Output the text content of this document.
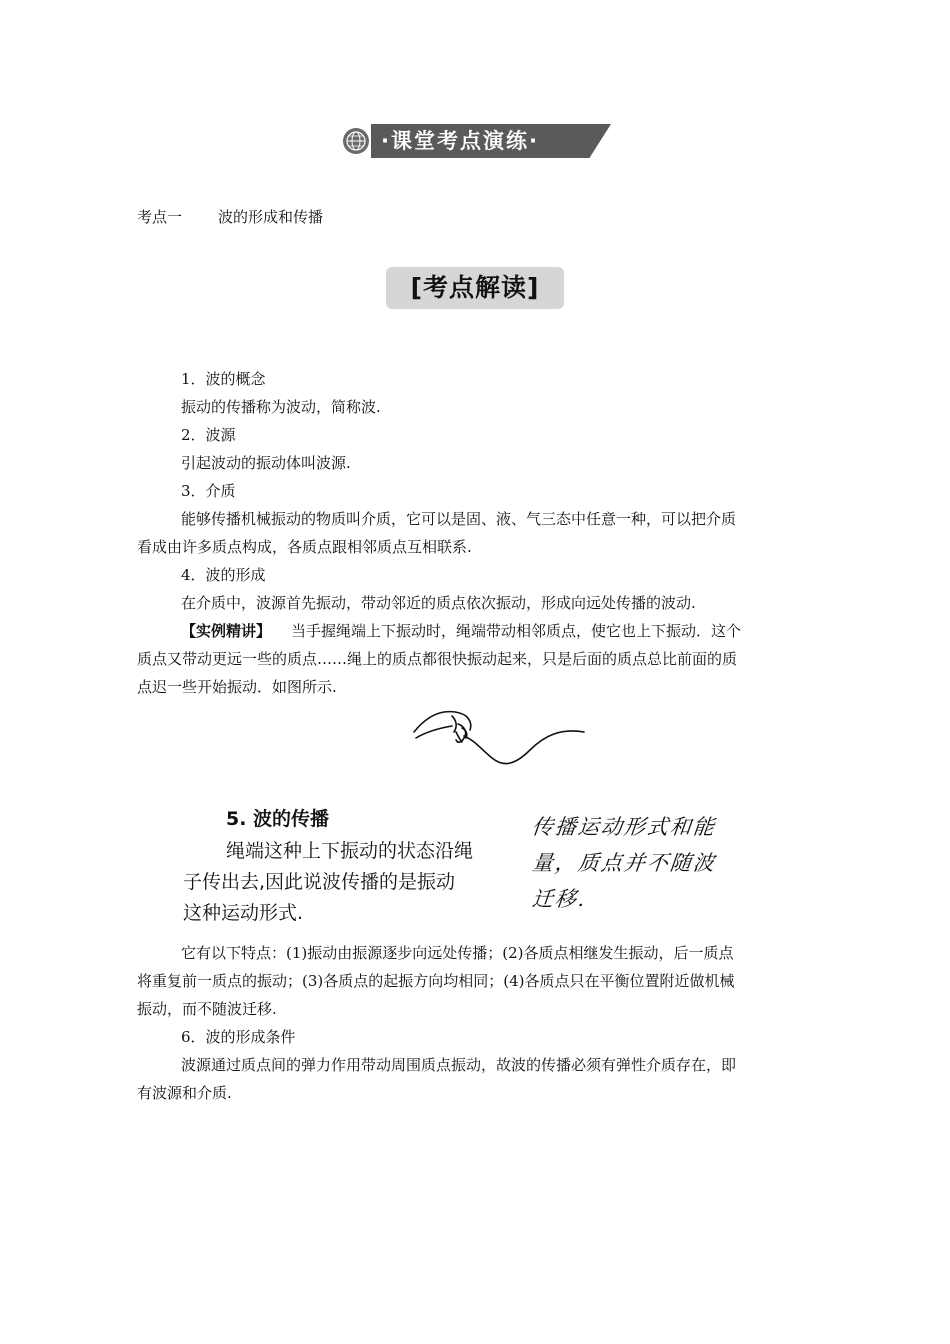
·课堂考点演练·
考点一 波的形成和传播
[考点解读]
1．波的概念
振动的传播称为波动，简称波.
2．波源
引起波动的振动体叫波源.
3．介质
能够传播机械振动的物质叫介质，它可以是固、液、气三态中任意一种，可以把介质
看成由许多质点构成，各质点跟相邻质点互相联系.
4．波的形成
在介质中，波源首先振动，带动邻近的质点依次振动，形成向远处传播的波动.
【实例精讲】 当手握绳端上下振动时，绳端带动相邻质点，使它也上下振动．这个
质点又带动更远一些的质点……绳上的质点都很快振动起来，只是后面的质点总比前面的质
点迟一些开始振动．如图所示.
5. 波的传播
绳端这种上下振动的状态沿绳
子传出去,因此说波传播的是振动
这种运动形式.
传播运动形式和能
量，质点并不随波
迁移.
它有以下特点：(1)振动由振源逐步向远处传播；(2)各质点相继发生振动，后一质点
将重复前一质点的振动；(3)各质点的起振方向均相同；(4)各质点只在平衡位置附近做机械
振动，而不随波迁移.
6．波的形成条件
波源通过质点间的弹力作用带动周围质点振动，故波的传播必须有弹性介质存在，即
有波源和介质.
